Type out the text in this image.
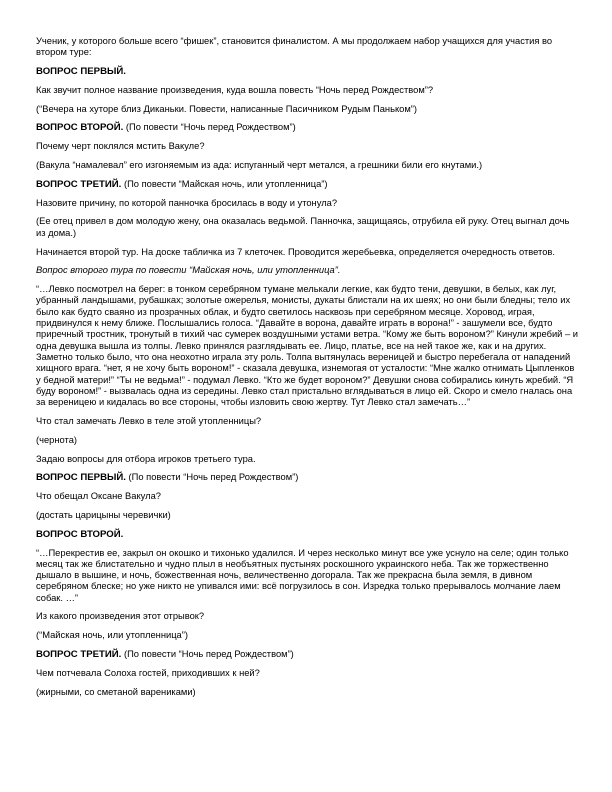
Ученик, у которого больше всего “фишек”, становится финалистом. А мы продолжаем набор учащихся для участия во втором туре:

ВОПРОС ПЕРВЫЙ.

Как звучит полное название произведения, куда вошла повесть “Ночь перед Рождеством”?

(“Вечера на хуторе близ Диканьки. Повести, написанные Пасичником Рудым Паньком”)

ВОПРОС ВТОРОЙ. (По повести “Ночь перед Рождеством”)

Почему черт поклялся мстить Вакуле?

(Вакула “намалевал” его изгоняемым из ада: испуганный черт метался, а грешники били его кнутами.)

ВОПРОС ТРЕТИЙ. (По повести “Майская ночь, или утопленница”)

Назовите причину, по которой панночка бросилась в воду и утонула?

(Ее отец привел в дом молодую жену, она оказалась ведьмой. Панночка, защищаясь, отрубила ей руку. Отец выгнал дочь из дома.)

Начинается второй тур. На доске табличка из 7 клеточек. Проводится жеребьевка, определяется очередность ответов.

Вопрос второго тура по повести “Майская ночь, или утопленница”.

“…Левко посмотрел на берег: в тонком серебряном тумане мелькали легкие, как будто тени, девушки, в белых, как луг, убранный ландышами, рубашках; золотые ожерелья, мониcты, дукаты блистали на их шеях; но они были бледны; тело их было как будто сваяно из прозрачных облак, и будто светилось насквозь при серебряном месяце. Хоровод, играя, придвинулся к нему ближе. Послышались голоса. “Давайте в ворона, давайте играть в ворона!” - зашумели все, будто приречный тростник, тронутый в тихий час сумерек воздушными устами ветра. “Кому же быть вороном?” Кинули жребий – и одна девушка вышла из толпы. Левко принялся разглядывать ее. Лицо, платье, все на ней такое же, как и на других. Заметно только было, что она неохотно играла эту роль. Толпа вытянулась вереницей и быстро перебегала от нападений хищного врага. “нет, я не хочу быть вороном!” - сказала девушка, изнемогая от усталости: “Мне жалко отнимать Цыпленков у бедной матери!” “Ты не ведьма!” - подумал Левко. “Кто же будет вороном?” Девушки снова собирались кинуть жребий. “Я буду вороном!” - вызвалась одна из середины. Левко стал пристально вглядываться в лицо ей. Скоро и смело гналась она за вереницею и кидалась во все стороны, чтобы изловить свою жертву. Тут Левко стал замечать…”

Что стал замечать Левко в теле этой утопленницы?

(чернота)

Задаю вопросы для отбора игроков третьего тура.

ВОПРОС ПЕРВЫЙ. (По повести “Ночь перед Рождеством”)

Что обещал Оксане Вакула?

(достать царицыны черевички)

ВОПРОС ВТОРОЙ.

“…Перекрестив ее, закрыл он окошко и тихонько удалился. И через несколько минут все уже уснуло на селе; один только месяц так же блистательно и чудно плыл в необъятных пустынях роскошного украинского неба. Так же торжественно дышало в вышине, и ночь, божественная ночь, величественно догорала. Так же прекрасна была земля, в дивном серебряном блеске; но уже никто не упивался ими: всё погрузилось в сон. Изредка только прерывалось молчание лаем собак. …”

Из какого произведения этот отрывок?

(“Майская ночь, или утопленница”)

ВОПРОС ТРЕТИЙ. (По повести “Ночь перед Рождеством”)

Чем потчевала Солоха гостей, приходивших к ней?

(жирными, со сметаной варениками)
